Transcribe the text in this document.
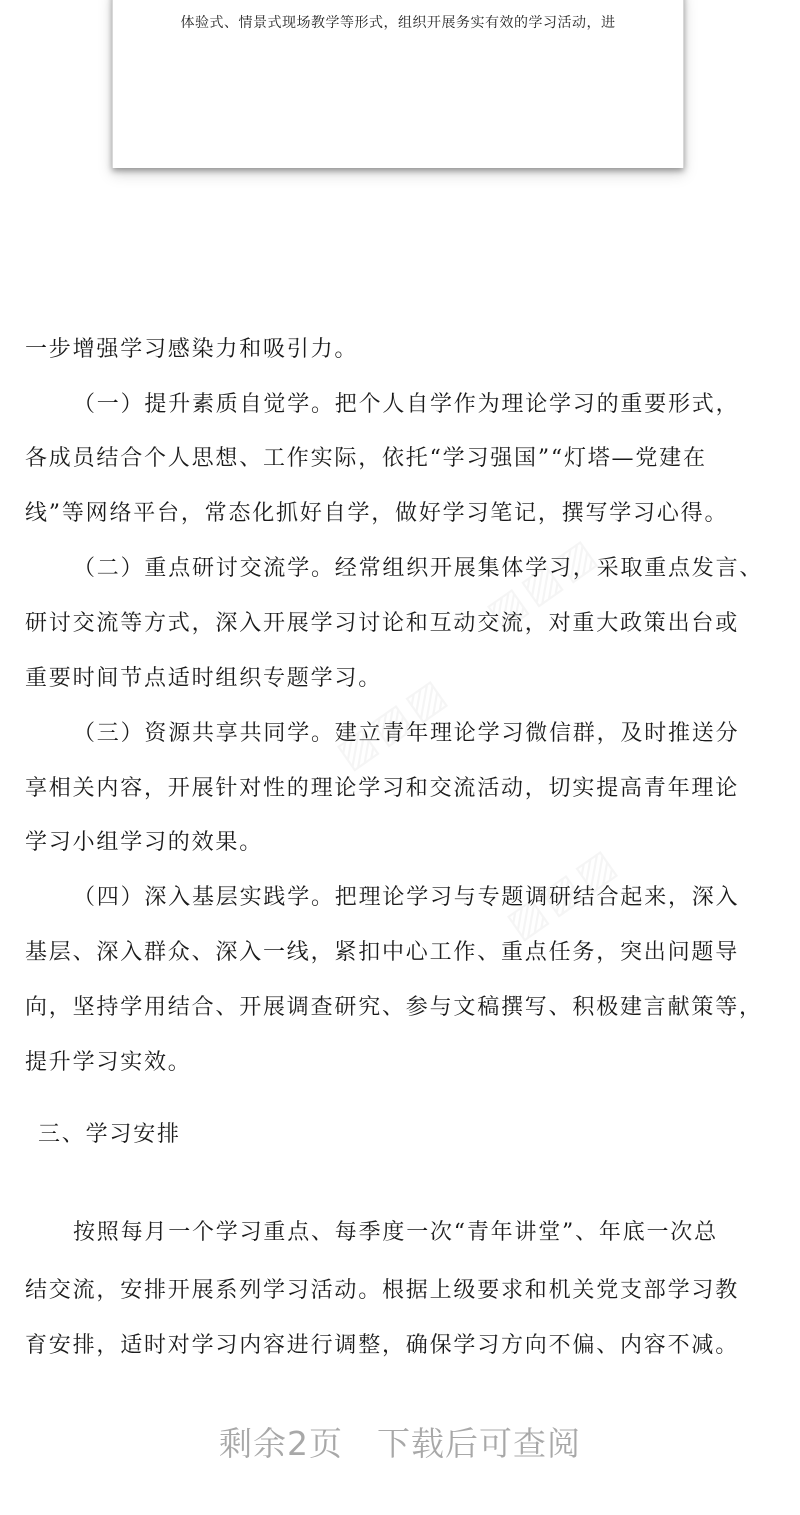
体验式、情景式现场教学等形式，组织开展务实有效的学习活动，进
一步增强学习感染力和吸引力。
（一）提升素质自觉学。把个人自学作为理论学习的重要形式，
各成员结合个人思想、工作实际，依托“学习强国”“灯塔—党建在
线”等网络平台，常态化抓好自学，做好学习笔记，撰写学习心得。
（二）重点研讨交流学。经常组织开展集体学习，采取重点发言、
研讨交流等方式，深入开展学习讨论和互动交流，对重大政策出台或
重要时间节点适时组织专题学习。
（三）资源共享共同学。建立青年理论学习微信群，及时推送分
享相关内容，开展针对性的理论学习和交流活动，切实提高青年理论
学习小组学习的效果。
（四）深入基层实践学。把理论学习与专题调研结合起来，深入
基层、深入群众、深入一线，紧扣中心工作、重点任务，突出问题导
向，坚持学用结合、开展调查研究、参与文稿撰写、积极建言献策等，
提升学习实效。
三、学习安排
按照每月一个学习重点、每季度一次“青年讲堂”、年底一次总
结交流，安排开展系列学习活动。根据上级要求和机关党支部学习教
育安排，适时对学习内容进行调整，确保学习方向不偏、内容不减。
剩余2页　下载后可查阅
